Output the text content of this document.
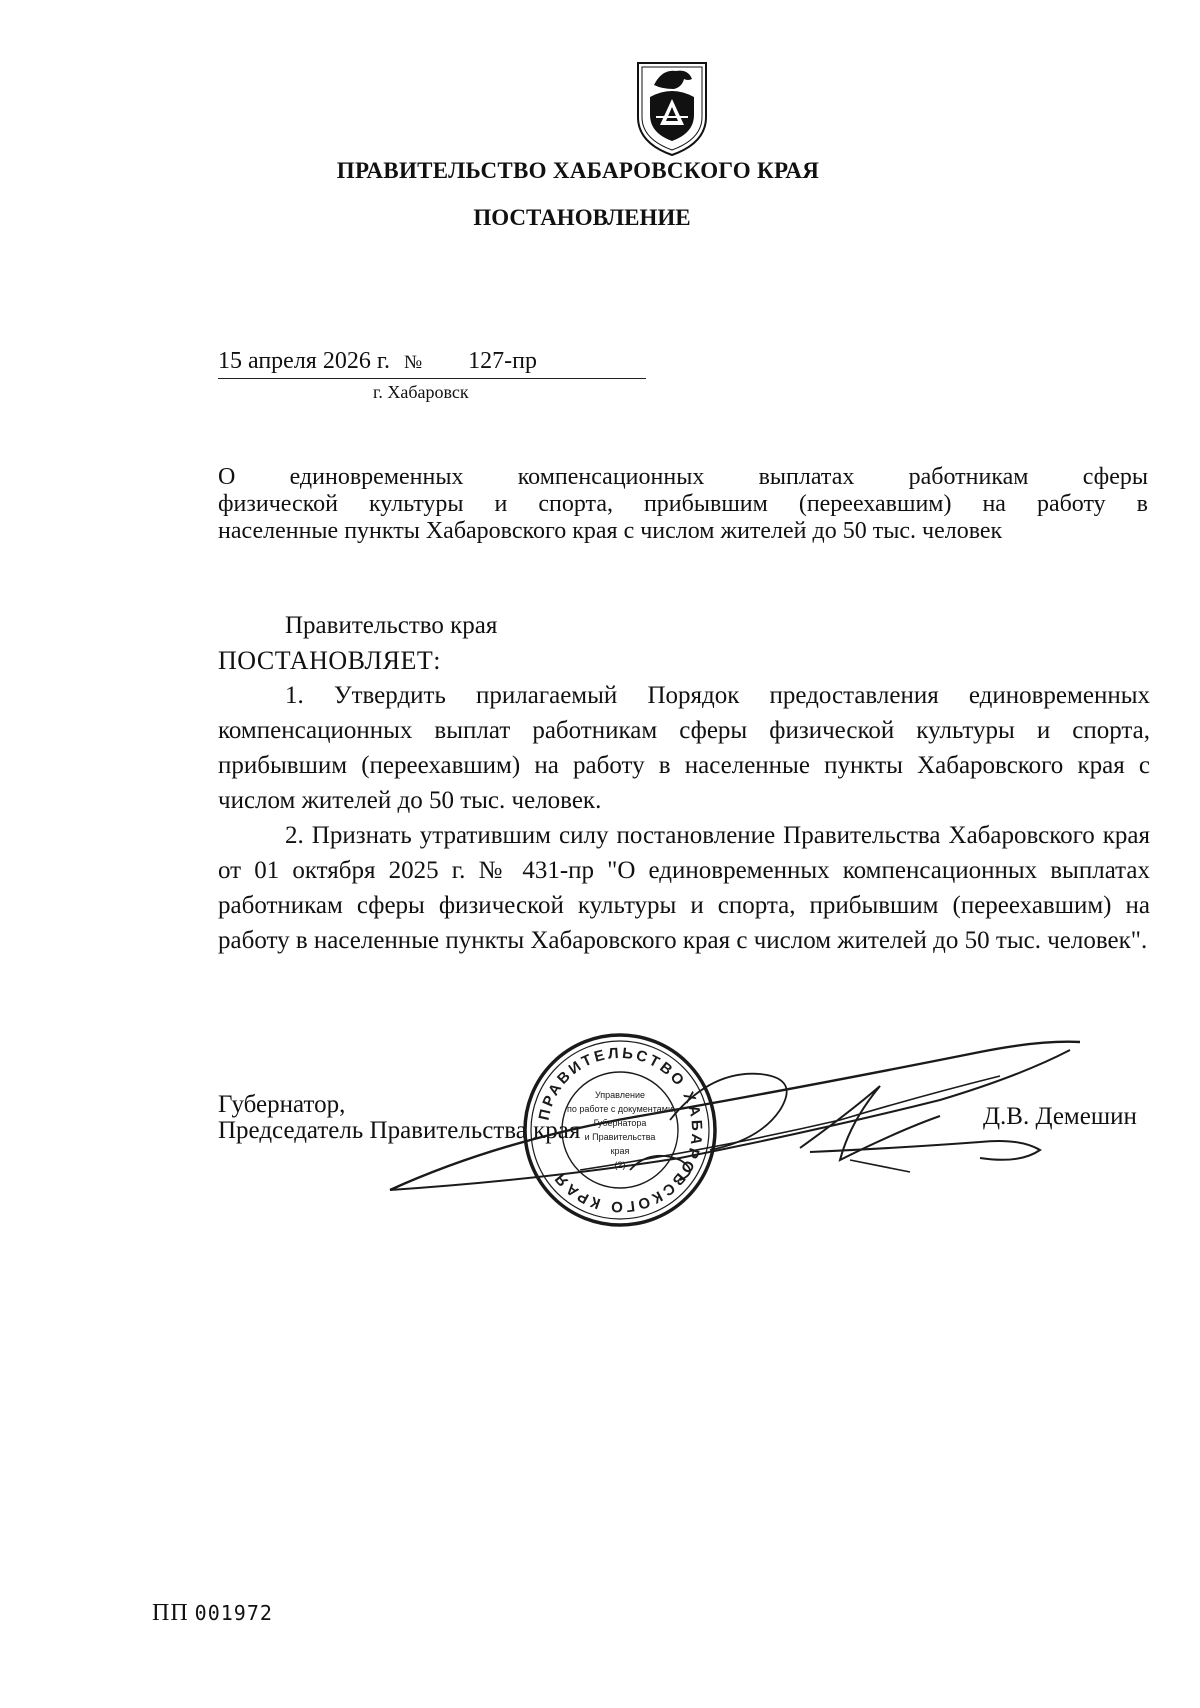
ПРАВИТЕЛЬСТВО ХАБАРОВСКОГО КРАЯ
ПОСТАНОВЛЕНИЕ
15 апреля 2026 г. № 127-пр
г. Хабаровск
О единовременных компенсационных выплатах работникам сферы
физической культуры и спорта, прибывшим (переехавшим) на работу в
населенные пункты Хабаровского края с числом жителей до 50 тыс. человек
Правительство края
ПОСТАНОВЛЯЕТ:

1. Утвердить прилагаемый Порядок предоставления единовременных компенсационных выплат работникам сферы физической культуры и спорта, прибывшим (переехавшим) на работу в населенные пункты Хабаровского края с числом жителей до 50 тыс. человек.

2. Признать утратившим силу постановление Правительства Хабаровского края от 01 октября 2025 г. № 431-пр "О единовременных компенсационных выплатах работникам сферы физической культуры и спорта, прибывшим (переехавшим) на работу в населенные пункты Хабаровского края с числом жителей до 50 тыс. человек".

Губернатор,
Председатель Правительства края
Д.В. Демешин
ПРАВИТЕЛЬСТВО ХАБАРОВСКОГО КРАЯ
Управление
по работе с документами
Губернатора
и Правительства
края
(2)
ПП 001972
